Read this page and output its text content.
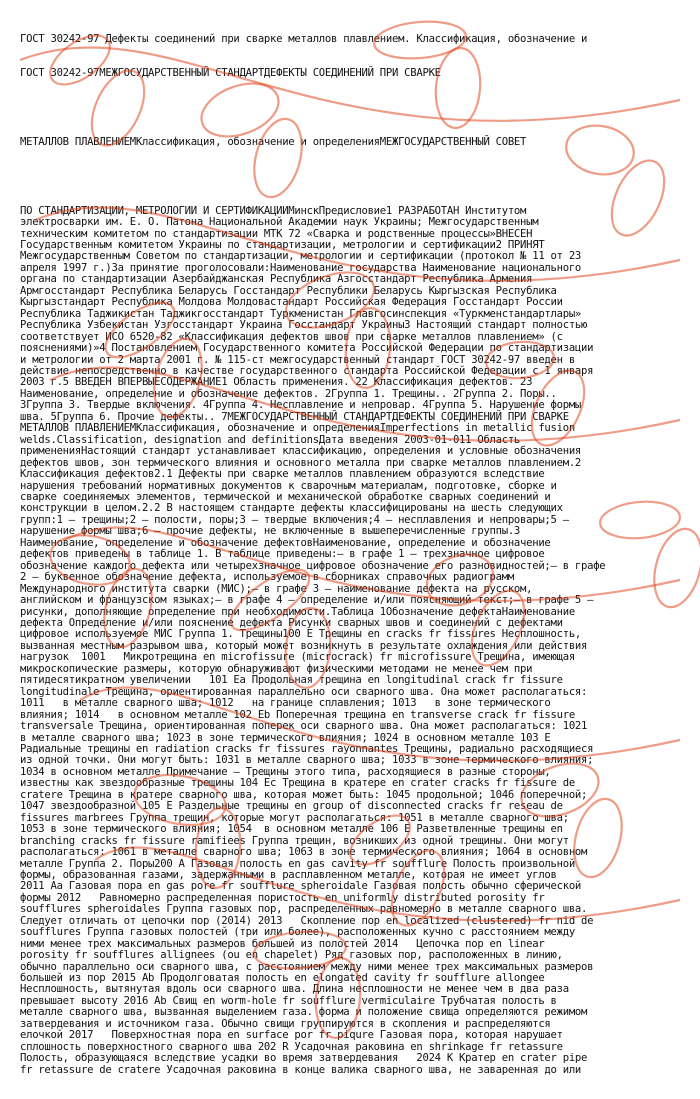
ГОСТ 30242-97 Дефекты соединений при сварке металлов плавлением. Классификация, обозначение и

ГОСТ 30242-97МЕЖГОСУДАРСТВЕННЫЙ СТАНДАРТДЕФЕКТЫ СОЕДИНЕНИЙ ПРИ СВАРКЕ

МЕТАЛЛОВ ПЛАВЛЕНИЕМКлассификация, обозначение и определенияМЕЖГОСУДАРСТВЕННЫЙ СОВЕТ

ПО СТАНДАРТИЗАЦИИ, МЕТРОЛОГИИ И СЕРТИФИКАЦИИМинскПредисловие1 РАЗРАБОТАН Институтом

электросварки им. Е. О. Патона Национальной Академии наук Украины; Межгосударственным

техническим комитетом по стандартизации МТК 72 «Сварка и родственные процессы»ВНЕСЕН

Государственным комитетом Украины по стандартизации, метрологии и сертификации2 ПРИНЯТ

Межгосударственным Советом по стандартизации, метрологии и сертификации (протокол № 11 от 23

апреля 1997 г.)За принятие проголосовали:Наименование государства Наименование национального

органа по стандартизации Азербайджанская Республика Азгосстандарт Республика Армения

Армгосстандарт Республика Беларусь Госстандарт Республики Беларусь Кыргызская Республика

Кыргызстандарт Республика Молдова Молдовастандарт Российская Федерация Госстандарт России

Республика Таджикистан Таджикгосстандарт Туркменистан Главгосинспекция «Туркменстандартлары»

Республика Узбекистан Узгосстандарт Украина Госстандарт Украины3 Настоящий стандарт полностью

соответствует ИСО 6520-82 «Классификация дефектов швов при сварке металлов плавлением» (с

пояснениями)»4 Постановлением Государственного комитета Российской Федерации по стандартизации

и метрологии от 2 марта 2001 г. № 115-ст межгосударственный стандарт ГОСТ 30242-97 введен в

действие непосредственно в качестве государственного стандарта Российской Федерации с 1 января

2003 г.5 ВВЕДЕН ВПЕРВЫЕСОДЕРЖАНИЕ1 Область применения. 22 Классификация дефектов. 23

Наименование, определение и обозначение дефектов. 2Группа 1. Трещины.. 2Группа 2. Поры..

3Группа 3. Твердые включения. 4Группа 4. Несплавление и непровар. 4Группа 5. Нарушение формы

шва. 5Группа 6. Прочие дефекты.. 7МЕЖГОСУДАРСТВЕННЫЙ СТАНДАРТДЕФЕКТЫ СОЕДИНЕНИЙ ПРИ СВАРКЕ

МЕТАЛЛОВ ПЛАВЛЕНИЕМКлассификация, обозначение и определенияImperfections in metallic fusion

welds.Classification, designation and definitionsДата введения 2003-01-011 Область

примененияНастоящий стандарт устанавливает классификацию, определения и условные обозначения

дефектов швов, зон термического влияния и основного металла при сварке металлов плавлением.2

Классификация дефектов2.1 Дефекты при сварке металлов плавлением образуются вследствие

нарушения требований нормативных документов к сварочным материалам, подготовке, сборке и

сварке соединяемых элементов, термической и механической обработке сварных соединений и

конструкции в целом.2.2 В настоящем стандарте дефекты классифицированы на шесть следующих

групп:1 — трещины;2 — полости, поры;3 — твердые включения;4 — несплавления и непровары;5 —

нарушение формы шва;6 — прочие дефекты, не включенные в вышеперечисленные группы.3

Наименование, определение и обозначение дефектовНаименование, определение и обозначение

дефектов приведены в таблице 1. В таблице приведены:— в графе 1 — трехзначное цифровое

обозначение каждого дефекта или четырехзначное цифровое обозначение его разновидностей;— в графе

2 — буквенное обозначение дефекта, используемое в сборниках справочных радиограмм

Международного института сварки (МИС);— в графе 3 — наименование дефекта на русском,

английском и французском языках;— в графе 4 — определение и/или поясняющий текст;— в графе 5 —

рисунки, дополняющие определение при необходимости.Таблица 1Обозначение дефектаНаименование

дефекта Определение и/или пояснение дефекта Рисунки сварных швов и соединений с дефектами

цифровое используемое МИС Группа 1. Трещины100 E Трещины en cracks fr fissures Несплошность,

вызванная местным разрывом шва, который может возникнуть в результате охлаждения или действия

нагрузок  1001   Микротрещина en microfissure (microcrack) fr microfissure Трещина, имеющая

микроскопические размеры, которую обнаруживают физическими методами не менее чем при

пятидесятикратном увеличении   101 Ea Продольная трещина en longitudinal crack fr fissure

longitudinale Трещина, ориентированная параллельно оси сварного шва. Она может располагаться:

1011   в металле сварного шва; 1012   на границе сплавления; 1013   в зоне термического

влияния; 1014   в основном металле 102 Eb Поперечная трещина en transverse crack fr fissure

transversale Трещина, ориентированная поперек оси сварного шва. Она может располагаться: 1021

в металле сварного шва; 1023 в зоне термического влияния; 1024 в основном металле 103 E

Радиальные трещины en radiation cracks fr fissures rayonnantes Трещины, радиально расходящиеся

из одной точки. Они могут быть: 1031 в металле сварного шва; 1033 в зоне термического влияния;

1034 в основном металле Примечание — Трещины этого типа, расходящиеся в разные стороны,

известны как звездообразные трещины 104 Ec Трещина в кратере en crater cracks fr fissure de

cratere Трещина в кратере сварного шва, которая может быть: 1045 продольной; 1046 поперечной;

1047 звездообразной 105 E Раздельные трещины en group of disconnected cracks fr reseau de

fissures marbrees Группа трещин, которые могут располагаться: 1051 в металле сварного шва;

1053 в зоне термического влияния; 1054  в основном металле 106 E Разветвленные трещины en

branching cracks fr fissure ramifiees Группа трещин, возникших из одной трещины. Они могут

располагаться: 1061 в металле сварного шва; 1063 в зоне термического влияния; 1064 в основном

металле Группа 2. Поры200 A Газовая полость en gas cavity fr soufflure Полость произвольной

формы, образованная газами, задержанными в расплавленном металле, которая не имеет углов

2011 Aa Газовая пора en gas pore fr soufflure spheroidale Газовая полость обычно сферической

формы 2012   Равномерно распределенная пористость en uniformly distributed porosity fr

soufflures spheroidales Группа газовых пор, распределенных равномерно в металле сварного шва.

Следует отличать от цепочки пор (2014) 2013   Скопление пор en localized (clustered) fr nid de

soufflures Группа газовых полостей (три или более), расположенных кучно с расстоянием между

ними менее трех максимальных размеров большей из полостей 2014   Цепочка пор en linear

porosity fr soufflures allignees (ou en chapelet) Ряд газовых пор, расположенных в линию,

обычно параллельно оси сварного шва, с расстоянием между ними менее трех максимальных размеров

большей из пор 2015 Ab Продолговатая полость en elongated cavity fr soufflure allongee

Несплошность, вытянутая вдоль оси сварного шва. Длина несплошности не менее чем в два раза

превышает высоту 2016 Ab Свищ en worm-hole fr soufflure vermiculaire Трубчатая полость в

металле сварного шва, вызванная выделением газа. форма и положение свища определяются режимом

затвердевания и источником газа. Обычно свищи группируются в скопления и распределяются

елочкой 2017   Поверхностная пора en surface por fr piqure Газовая пора, которая нарушает

сплошность поверхностного сварного шва 202 R Усадочная раковина en shrinkage fr retassure

Полость, образующаяся вследствие усадки во время затвердевания   2024 K Кратер en crater pipe

fr retassure de cratere Усадочная раковина в конце валика сварного шва, не заваренная до или
